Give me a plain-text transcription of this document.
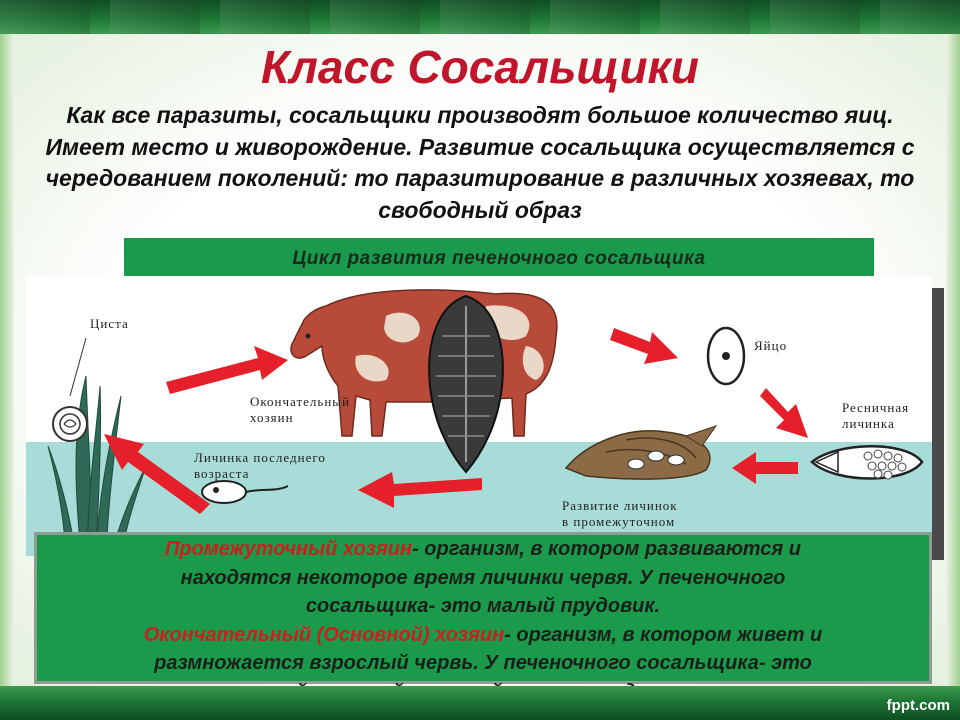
Класс Сосальщики
Как все паразиты, сосальщики производят большое количество яиц. Имеет место и живорождение. Развитие сосальщика осуществляется с чередованием поколений: то паразитирование в различных хозяевах, то свободный образ
Цикл развития печеночного сосальщика
Циста
Окончательный
хозяин
Яйцо
Ресничная
личинка
Личинка последнего
возраста
Развитие личинок
в промежуточном

Промежуточный хозяин- организм, в котором развиваются и

находятся некоторое время личинки червя. У печеночного

сосальщика- это малый прудовик.

Окончательный (Основной) хозяин- организм, в котором живет и

размножается взрослый червь. У печеночного сосальщика- это

fppt.com
